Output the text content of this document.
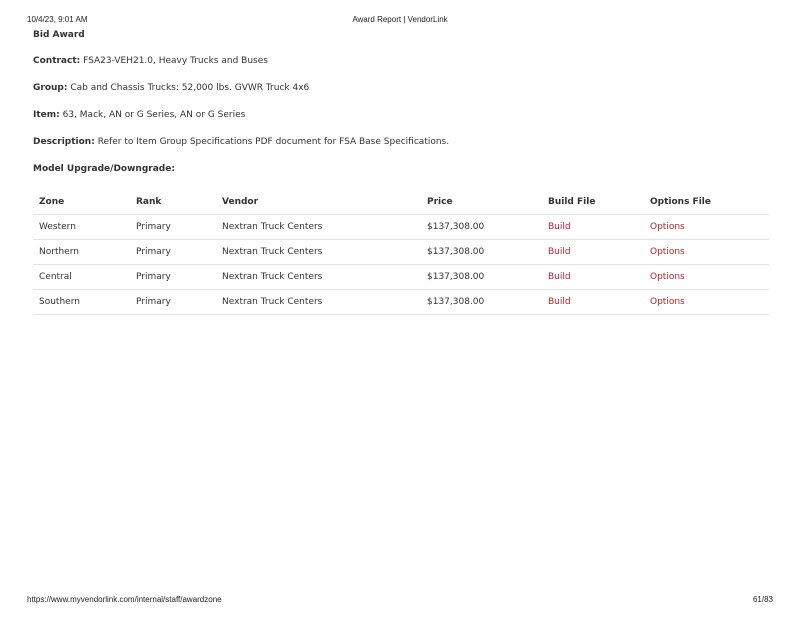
10/4/23, 9:01 AM	Award Report | VendorLink
Bid Award
Contract: FSA23-VEH21.0, Heavy Trucks and Buses
Group: Cab and Chassis Trucks: 52,000 lbs. GVWR Truck 4x6
Item: 63, Mack, AN or G Series, AN or G Series
Description: Refer to Item Group Specifications PDF document for FSA Base Specifications.
Model Upgrade/Downgrade:
Zone	Rank	Vendor	Price	Build File	Options File
Western	Primary	Nextran Truck Centers	$137,308.00	Build	Options
Northern	Primary	Nextran Truck Centers	$137,308.00	Build	Options
Central	Primary	Nextran Truck Centers	$137,308.00	Build	Options
Southern	Primary	Nextran Truck Centers	$137,308.00	Build	Options
https://www.myvendorlink.com/internal/staff/awardzone	61/83
